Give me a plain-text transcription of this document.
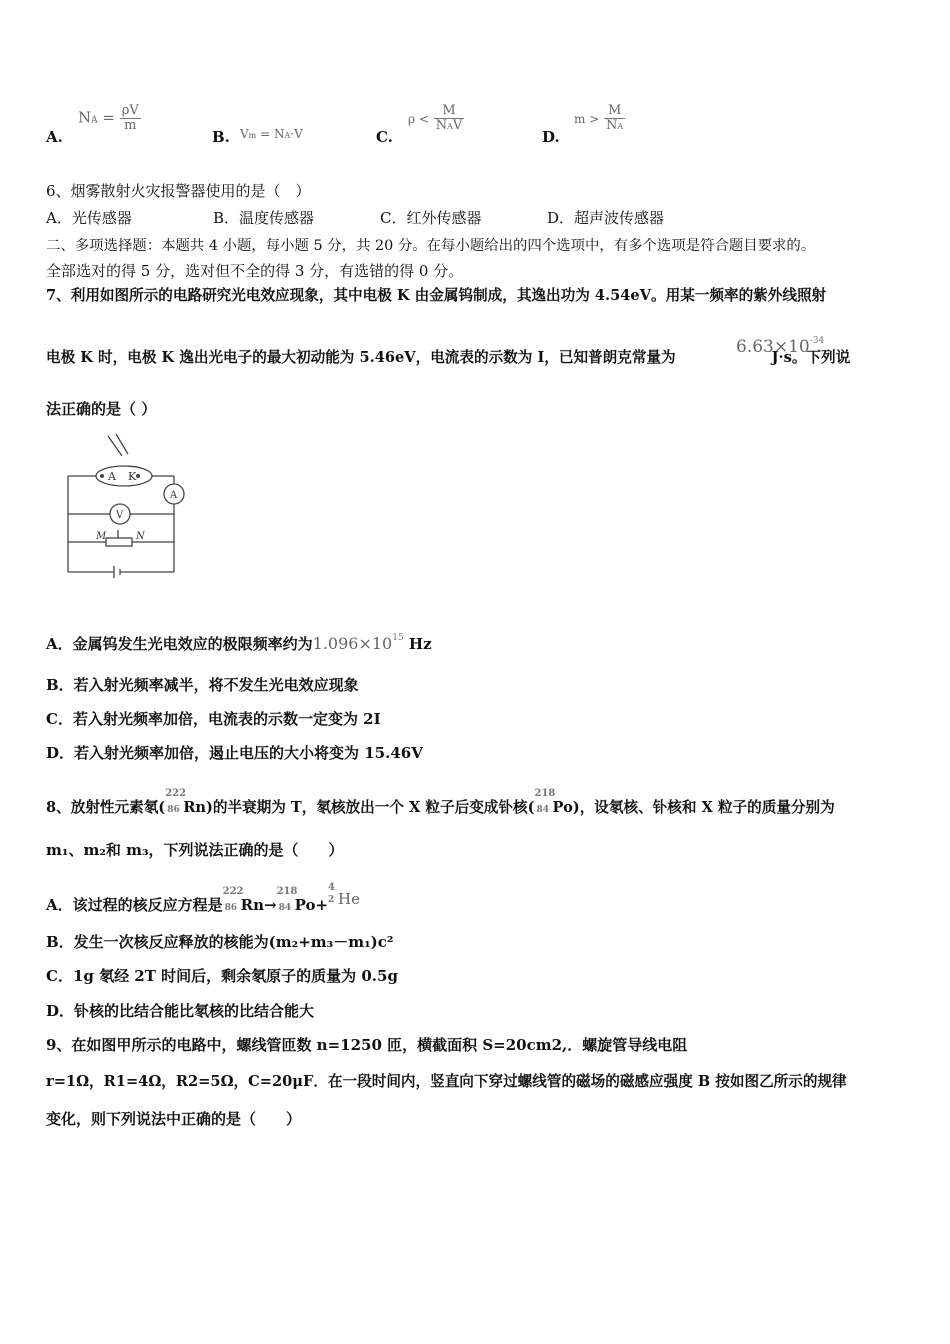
A.
NA = $\frac{\rho V}{m}$
B. Vm = NA·V	C.
$\rho < \frac{M}{\text{NAV}}$
D.
$m > \frac{M}{NA}$
6、烟雾散射火灾报警器使用的是（　）
A．光传感器	B．温度传感器	C．红外传感器	D．超声波传感器
二、多项选择题：本题共 4 小题，每小题 5 分，共 20 分。在每小题给出的四个选项中，有多个选项是符合题目要求的。
全部选对的得 5 分，选对但不全的得 3 分，有选错的得 0 分。
7、利用如图所示的电路研究光电效应现象，其中电极 K 由金属钨制成，其逸出功为 4.54eV。用某一频率的紫外线照射
电极 K 时，电极 K 逸出光电子的最大初动能为 5.46eV，电流表的示数为 I，已知普朗克常量为	J·s。下列说
$6.63\times 10^{-34}$
法正确的是（ ）
A K
A
V
M	N
A．金属钨发生光电效应的极限频率约为$1.096\times 10^{15}$ Hz
B．若入射光频率减半，将不发生光电效应现象
C．若入射光频率加倍，电流表的示数一定变为 2I
D．若入射光频率加倍，遏止电压的大小将变为 15.46V
8、放射性元素氡(
222
86 Rn)的半衰期为 T，氡核放出一个 X 粒子后变成钋核(
218
84 Po)，设氡核、钋核和 X 粒子的质量分别为
m₁、m₂和 m₃，下列说法正确的是（　　）
A．该过程的核反应方程是
222
86 Rn→
218
84 Po+
4
2 He
B．发生一次核反应释放的核能为(m₂+m₃－m₁)c²
C．1g 氡经 2T 时间后，剩余氡原子的质量为 0.5g
D．钋核的比结合能比氡核的比结合能大
9、在如图甲所示的电路中，螺线管匝数 n=1250 匝，横截面积 S=20cm2,．螺旋管导线电阻
r=1Ω，R1=4Ω，R2=5Ω，C=20μF．在一段时间内，竖直向下穿过螺线管的磁场的磁感应强度 B 按如图乙所示的规律
变化，则下列说法中正确的是（　　）
